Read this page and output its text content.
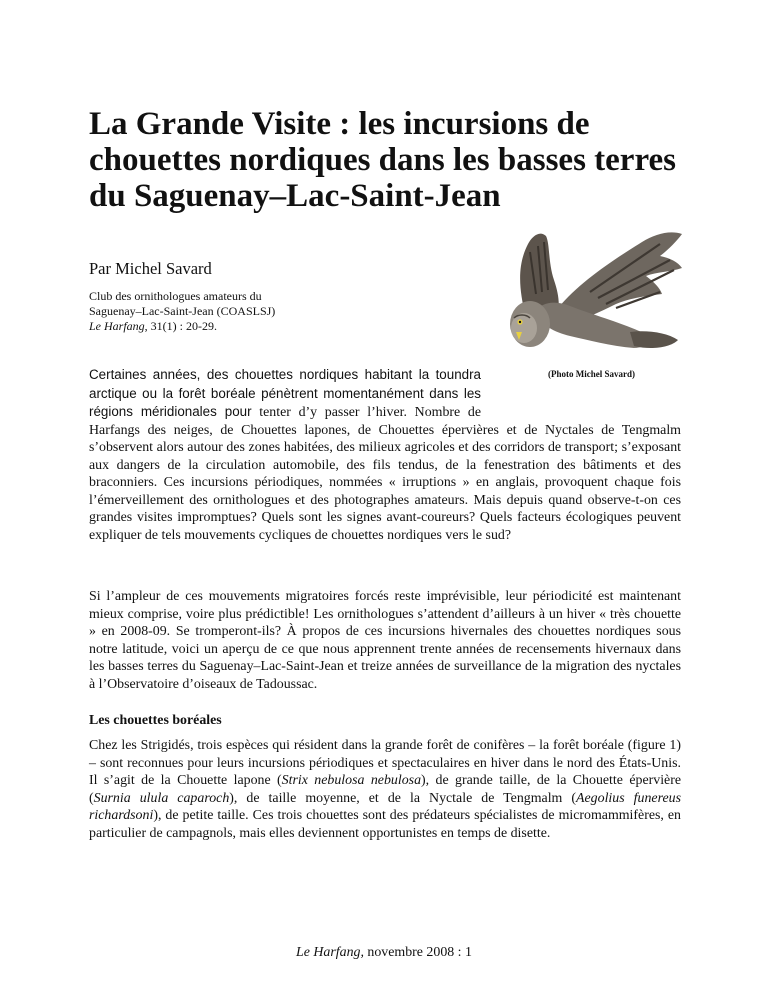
La Grande Visite : les incursions de chouettes nordiques dans les basses terres du Saguenay–Lac-Saint-Jean

Par Michel Savard

Club des ornithologues amateurs du
Saguenay–Lac-Saint-Jean (COASLSJ)
Le Harfang, 31(1) : 20-29.

(Photo Michel Savard)

Certaines années, des chouettes nordiques habitant la toundra arctique ou la forêt boréale pénètrent momentanément dans les régions méridionales pour tenter d’y passer l’hiver. Nombre de Harfangs des neiges, de Chouettes lapones, de Chouettes épervières et de Nyctales de Tengmalm s’observent alors autour des zones habitées, des milieux agricoles et des corridors de transport; s’exposant aux dangers de la circulation automobile, des fils tendus, de la fenestration des bâtiments et des braconniers. Ces incursions périodiques, nommées « irruptions » en anglais, provoquent chaque fois l’émerveillement des ornithologues et des photographes amateurs. Mais depuis quand observe-t-on ces grandes visites impromptues? Quels sont les signes avant-coureurs? Quels facteurs écologiques peuvent expliquer de tels mouvements cycliques de chouettes nordiques vers le sud?

Si l’ampleur de ces mouvements migratoires forcés reste imprévisible, leur périodicité est maintenant mieux comprise, voire plus prédictible! Les ornithologues s’attendent d’ailleurs à un hiver « très chouette » en 2008-09. Se tromperont-ils? À propos de ces incursions hivernales des chouettes nordiques sous notre latitude, voici un aperçu de ce que nous apprennent trente années de recensements hivernaux dans les basses terres du Saguenay–Lac-Saint-Jean et treize années de surveillance de la migration des nyctales à l’Observatoire d’oiseaux de Tadoussac.

Les chouettes boréales

Chez les Strigidés, trois espèces qui résident dans la grande forêt de conifères – la forêt boréale (figure 1) – sont reconnues pour leurs incursions périodiques et spectaculaires en hiver dans le nord des États-Unis. Il s’agit de la Chouette lapone (Strix nebulosa nebulosa), de grande taille, de la Chouette épervière (Surnia ulula caparoch), de taille moyenne, et de la Nyctale de Tengmalm (Aegolius funereus richardsoni), de petite taille. Ces trois chouettes sont des prédateurs spécialistes de micromammifères, en particulier de campagnols, mais elles deviennent opportunistes en temps de disette.

Le Harfang, novembre 2008 : 1
